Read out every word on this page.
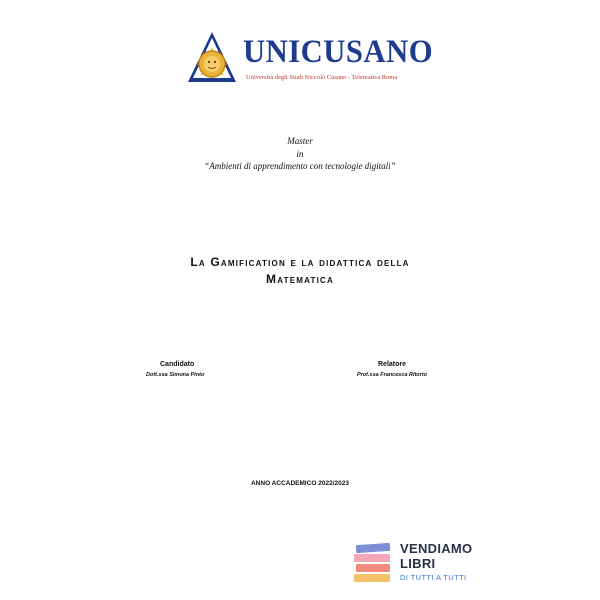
UNICUSANO
Università degli Studi Niccolò Cusano - Telematica Roma
Master
in
“Ambienti di apprendimento con tecnologie digitali”
La Gamification e la didattica della
Matematica
Candidato
Dott.ssa Simona Pinto
Relatore
Prof.ssa Francesca Ritorto
ANNO ACCADEMICO 2022/2023
VENDIAMO
LIBRI
DI TUTTI A TUTTI
